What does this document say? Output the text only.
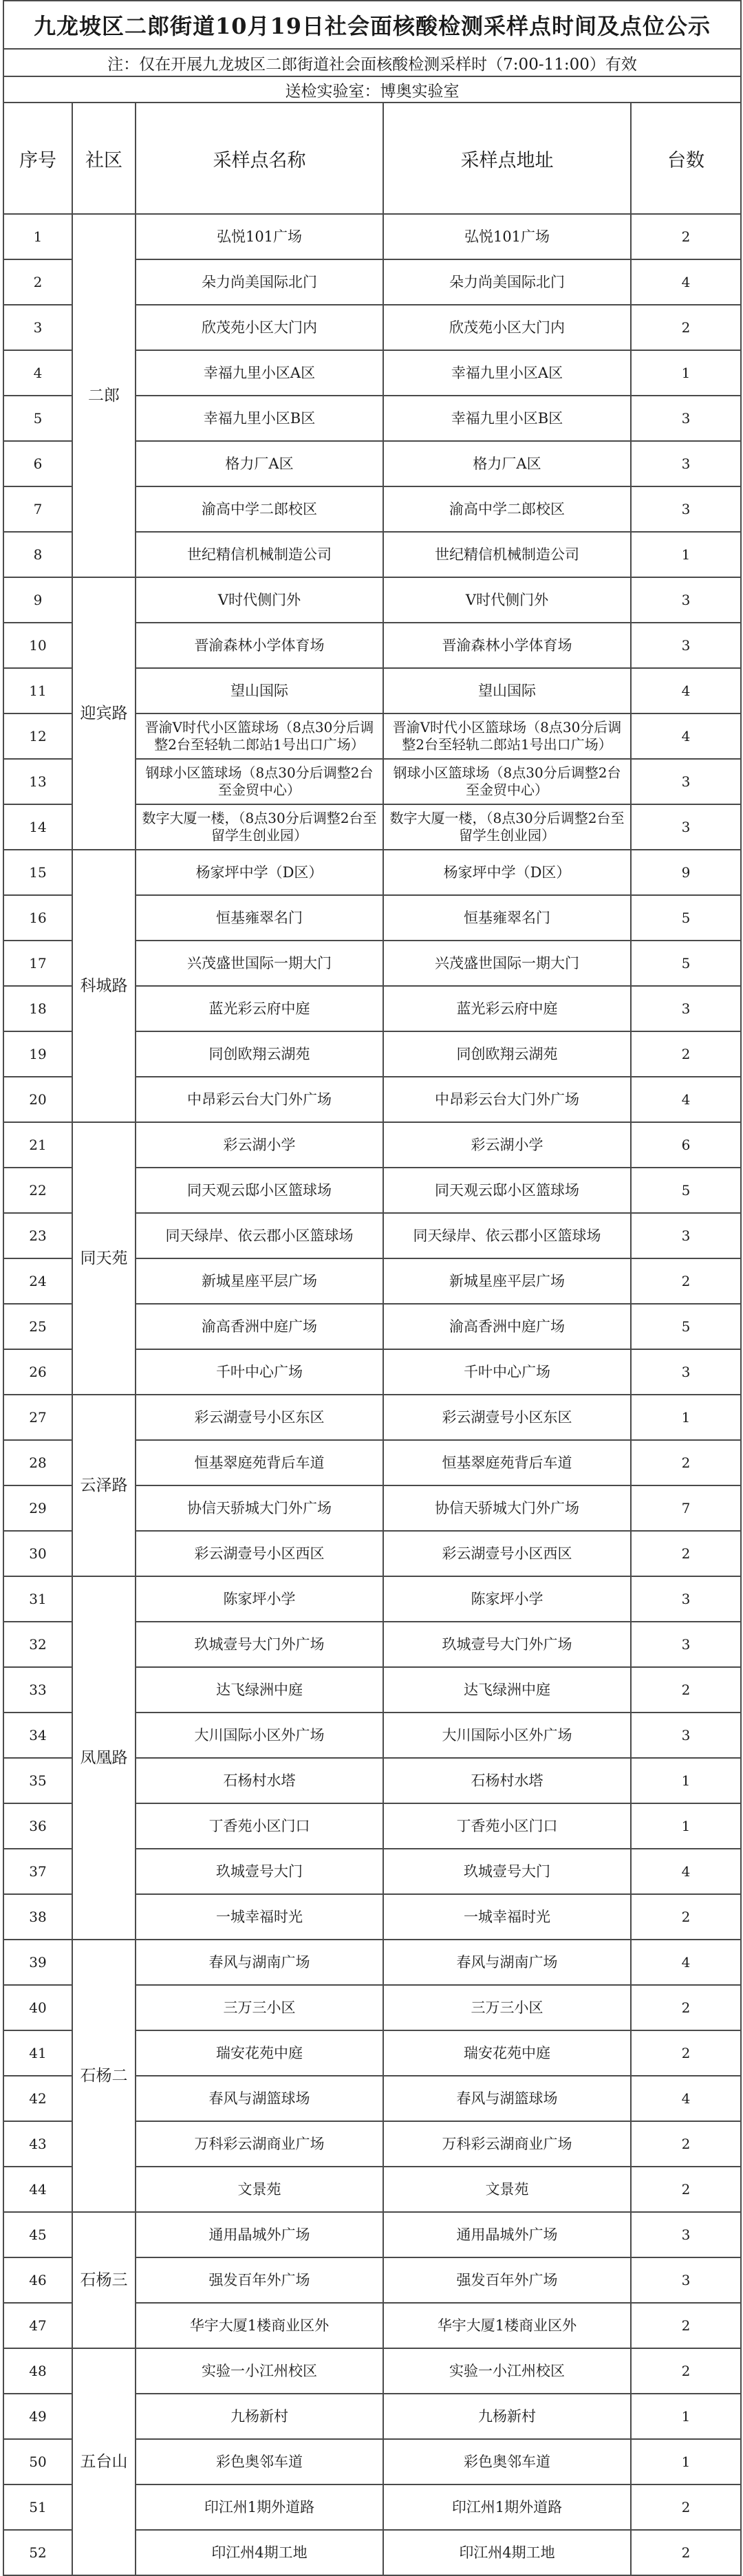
九龙坡区二郎街道10月19日社会面核酸检测采样点时间及点位公示				
注：仅在开展九龙坡区二郎街道社会面核酸检测采样时（7:00-11:00）有效				
送检实验室：博奥实验室				
序号	社区	采样点名称	采样点地址	台数
1	二郎	弘悦101广场	弘悦101广场	2
2		朵力尚美国际北门	朵力尚美国际北门	4
3		欣茂苑小区大门内	欣茂苑小区大门内	2
4		幸福九里小区A区	幸福九里小区A区	1
5		幸福九里小区B区	幸福九里小区B区	3
6		格力厂A区	格力厂A区	3
7		渝高中学二郎校区	渝高中学二郎校区	3
8		世纪精信机械制造公司	世纪精信机械制造公司	1
9	迎宾路	V时代侧门外	V时代侧门外	3
10		晋渝森林小学体育场	晋渝森林小学体育场	3
11		望山国际	望山国际	4
12		晋渝V时代小区篮球场（8点30分后调整2台至轻轨二郎站1号出口广场）	晋渝V时代小区篮球场（8点30分后调整2台至轻轨二郎站1号出口广场）	4
13		钢球小区篮球场（8点30分后调整2台至金贸中心）	钢球小区篮球场（8点30分后调整2台至金贸中心）	3
14		数字大厦一楼，（8点30分后调整2台至留学生创业园）	数字大厦一楼，（8点30分后调整2台至留学生创业园）	3
15	科城路	杨家坪中学（D区）	杨家坪中学（D区）	9
16		恒基雍翠名门	恒基雍翠名门	5
17		兴茂盛世国际一期大门	兴茂盛世国际一期大门	5
18		蓝光彩云府中庭	蓝光彩云府中庭	3
19		同创欧翔云湖苑	同创欧翔云湖苑	2
20		中昂彩云台大门外广场	中昂彩云台大门外广场	4
21	同天苑	彩云湖小学	彩云湖小学	6
22		同天观云邸小区篮球场	同天观云邸小区篮球场	5
23		同天绿岸、依云郡小区篮球场	同天绿岸、依云郡小区篮球场	3
24		新城星座平层广场	新城星座平层广场	2
25		渝高香洲中庭广场	渝高香洲中庭广场	5
26		千叶中心广场	千叶中心广场	3
27	云泽路	彩云湖壹号小区东区	彩云湖壹号小区东区	1
28		恒基翠庭苑背后车道	恒基翠庭苑背后车道	2
29		协信天骄城大门外广场	协信天骄城大门外广场	7
30		彩云湖壹号小区西区	彩云湖壹号小区西区	2
31	凤凰路	陈家坪小学	陈家坪小学	3
32		玖城壹号大门外广场	玖城壹号大门外广场	3
33		达飞绿洲中庭	达飞绿洲中庭	2
34		大川国际小区外广场	大川国际小区外广场	3
35		石杨村水塔	石杨村水塔	1
36		丁香苑小区门口	丁香苑小区门口	1
37		玖城壹号大门	玖城壹号大门	4
38		一城幸福时光	一城幸福时光	2
39	石杨二	春风与湖南广场	春风与湖南广场	4
40		三万三小区	三万三小区	2
41		瑞安花苑中庭	瑞安花苑中庭	2
42		春风与湖篮球场	春风与湖篮球场	4
43		万科彩云湖商业广场	万科彩云湖商业广场	2
44		文景苑	文景苑	2
45	石杨三	通用晶城外广场	通用晶城外广场	3
46		强发百年外广场	强发百年外广场	3
47		华宇大厦1楼商业区外	华宇大厦1楼商业区外	2
48	五台山	实验一小江州校区	实验一小江州校区	2
49		九杨新村	九杨新村	1
50		彩色奥邻车道	彩色奥邻车道	1
51		印江州1期外道路	印江州1期外道路	2
52		印江州4期工地	印江州4期工地	2
